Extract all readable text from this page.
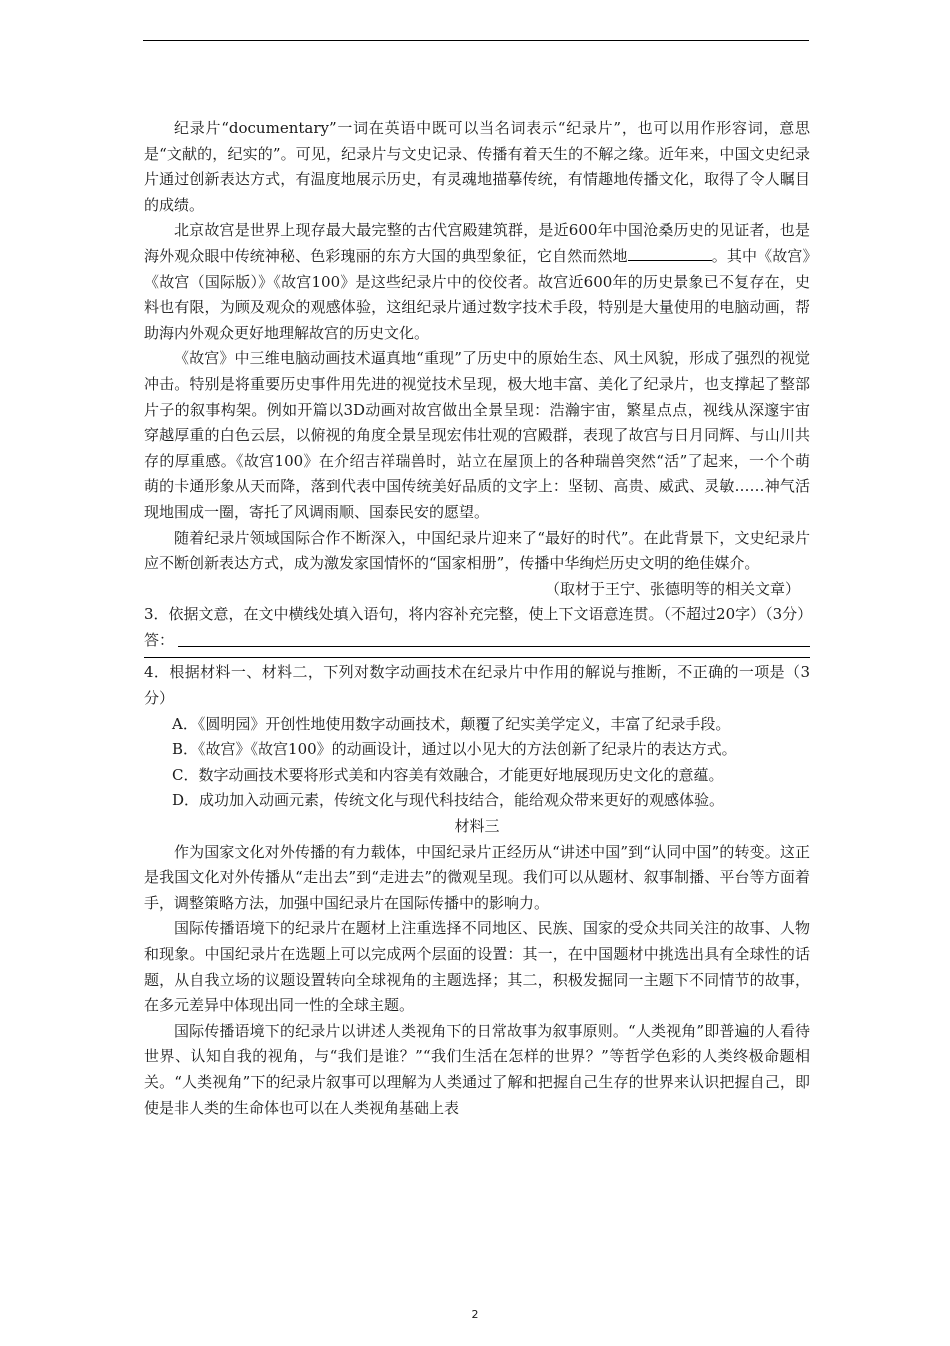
纪录片“documentary”一词在英语中既可以当名词表示“纪录片”，也可以用作形容词，意思是“文献的，纪实的”。可见，纪录片与文史记录、传播有着天生的不解之缘。近年来，中国文史纪录片通过创新表达方式，有温度地展示历史，有灵魂地描摹传统，有情趣地传播文化，取得了令人瞩目的成绩。

北京故宫是世界上现存最大最完整的古代宫殿建筑群，是近600年中国沧桑历史的见证者，也是海外观众眼中传统神秘、色彩瑰丽的东方大国的典型象征，它自然而然地	。其中《故宫》《故宫（国际版）》《故宫100》是这些纪录片中的佼佼者。故宫近600年的历史景象已不复存在，史料也有限，为顾及观众的观感体验，这组纪录片通过数字技术手段，特别是大量使用的电脑动画，帮助海内外观众更好地理解故宫的历史文化。

《故宫》中三维电脑动画技术逼真地“重现”了历史中的原始生态、风土风貌，形成了强烈的视觉冲击。特别是将重要历史事件用先进的视觉技术呈现，极大地丰富、美化了纪录片，也支撑起了整部片子的叙事构架。例如开篇以3D动画对故宫做出全景呈现：浩瀚宇宙，繁星点点，视线从深邃宇宙穿越厚重的白色云层，以俯视的角度全景呈现宏伟壮观的宫殿群，表现了故宫与日月同辉、与山川共存的厚重感。《故宫100》在介绍吉祥瑞兽时，站立在屋顶上的各种瑞兽突然“活”了起来，一个个萌萌的卡通形象从天而降，落到代表中国传统美好品质的文字上：坚韧、高贵、威武、灵敏……神气活现地围成一圈，寄托了风调雨顺、国泰民安的愿望。

随着纪录片领域国际合作不断深入，中国纪录片迎来了“最好的时代”。在此背景下，文史纪录片应不断创新表达方式，成为激发家国情怀的“国家相册”，传播中华绚烂历史文明的绝佳媒介。

（取材于王宁、张德明等的相关文章）

3．依据文意，在文中横线处填入语句，将内容补充完整，使上下文语意连贯。（不超过20字）（3分）

答：

4．根据材料一、材料二，下列对数字动画技术在纪录片中作用的解说与推断，不正确的一项是（3分）

A．《圆明园》开创性地使用数字动画技术，颠覆了纪实美学定义，丰富了纪录手段。

B．《故宫》《故宫100》的动画设计，通过以小见大的方法创新了纪录片的表达方式。

C．数字动画技术要将形式美和内容美有效融合，才能更好地展现历史文化的意蕴。

D．成功加入动画元素，传统文化与现代科技结合，能给观众带来更好的观感体验。

材料三

作为国家文化对外传播的有力载体，中国纪录片正经历从“讲述中国”到“认同中国”的转变。这正是我国文化对外传播从“走出去”到“走进去”的微观呈现。我们可以从题材、叙事制播、平台等方面着手，调整策略方法，加强中国纪录片在国际传播中的影响力。

国际传播语境下的纪录片在题材上注重选择不同地区、民族、国家的受众共同关注的故事、人物和现象。中国纪录片在选题上可以完成两个层面的设置：其一，在中国题材中挑选出具有全球性的话题，从自我立场的议题设置转向全球视角的主题选择；其二，积极发掘同一主题下不同情节的故事，在多元差异中体现出同一性的全球主题。

国际传播语境下的纪录片以讲述人类视角下的日常故事为叙事原则。“人类视角”即普遍的人看待世界、认知自我的视角，与“我们是谁？”“我们生活在怎样的世界？”等哲学色彩的人类终极命题相关。“人类视角”下的纪录片叙事可以理解为人类通过了解和把握自己生存的世界来认识把握自己，即使是非人类的生命体也可以在人类视角基础上表

2
